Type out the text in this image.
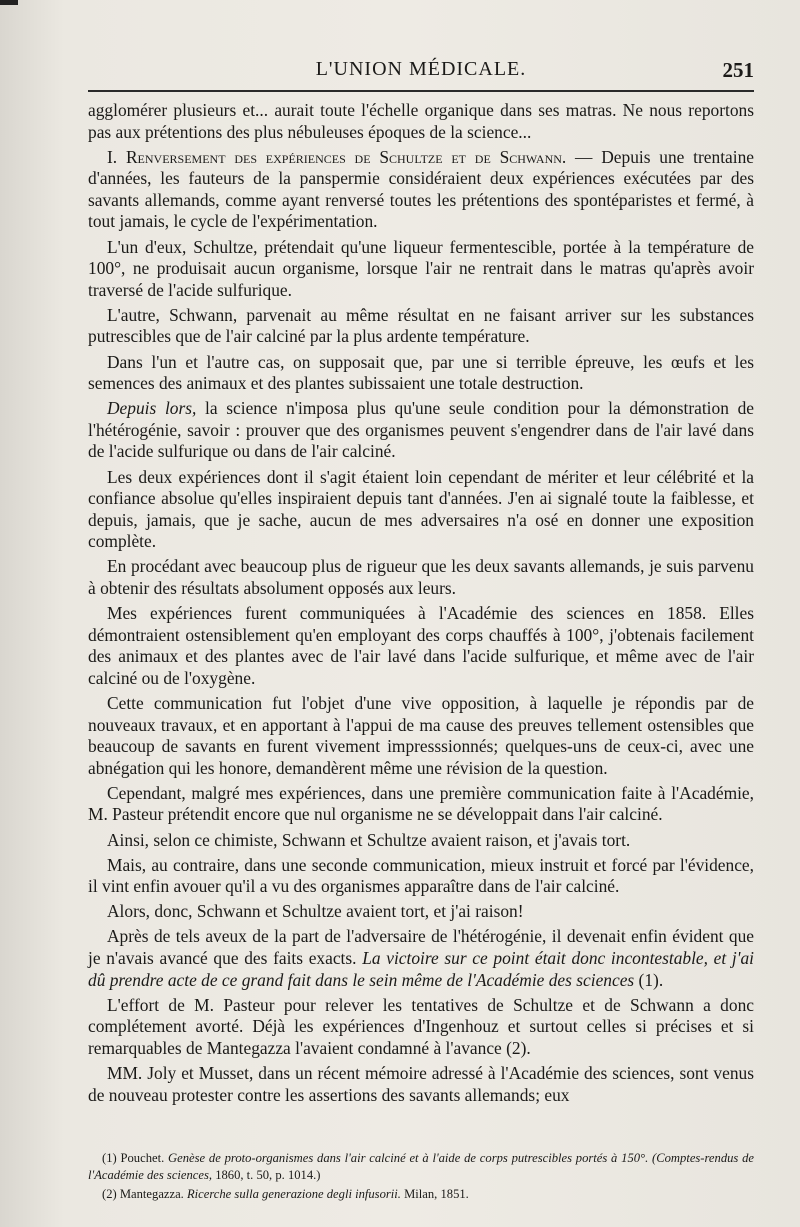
L'UNION MÉDICALE.	251

agglomérer plusieurs et... aurait toute l'échelle organique dans ses matras. Ne nous reportons pas aux prétentions des plus nébuleuses époques de la science...

I. Renversement des expériences de Schultze et de Schwann. — Depuis une trentaine d'années, les fauteurs de la panspermie considéraient deux expériences exécutées par des savants allemands, comme ayant renversé toutes les prétentions des spontéparistes et fermé, à tout jamais, le cycle de l'expérimentation.

L'un d'eux, Schultze, prétendait qu'une liqueur fermentescible, portée à la température de 100°, ne produisait aucun organisme, lorsque l'air ne rentrait dans le matras qu'après avoir traversé de l'acide sulfurique.

L'autre, Schwann, parvenait au même résultat en ne faisant arriver sur les substances putrescibles que de l'air calciné par la plus ardente température.

Dans l'un et l'autre cas, on supposait que, par une si terrible épreuve, les œufs et les semences des animaux et des plantes subissaient une totale destruction.

Depuis lors, la science n'imposa plus qu'une seule condition pour la démonstration de l'hétérogénie, savoir : prouver que des organismes peuvent s'engendrer dans de l'air lavé dans de l'acide sulfurique ou dans de l'air calciné.

Les deux expériences dont il s'agit étaient loin cependant de mériter et leur célébrité et la confiance absolue qu'elles inspiraient depuis tant d'années. J'en ai signalé toute la faiblesse, et depuis, jamais, que je sache, aucun de mes adversaires n'a osé en donner une exposition complète.

En procédant avec beaucoup plus de rigueur que les deux savants allemands, je suis parvenu à obtenir des résultats absolument opposés aux leurs.

Mes expériences furent communiquées à l'Académie des sciences en 1858. Elles démontraient ostensiblement qu'en employant des corps chauffés à 100°, j'obtenais facilement des animaux et des plantes avec de l'air lavé dans l'acide sulfurique, et même avec de l'air calciné ou de l'oxygène.

Cette communication fut l'objet d'une vive opposition, à laquelle je répondis par de nouveaux travaux, et en apportant à l'appui de ma cause des preuves tellement ostensibles que beaucoup de savants en furent vivement impresssionnés; quelques-uns de ceux-ci, avec une abnégation qui les honore, demandèrent même une révision de la question.

Cependant, malgré mes expériences, dans une première communication faite à l'Académie, M. Pasteur prétendit encore que nul organisme ne se développait dans l'air calciné.

Ainsi, selon ce chimiste, Schwann et Schultze avaient raison, et j'avais tort.

Mais, au contraire, dans une seconde communication, mieux instruit et forcé par l'évidence, il vint enfin avouer qu'il a vu des organismes apparaître dans de l'air calciné.

Alors, donc, Schwann et Schultze avaient tort, et j'ai raison!

Après de tels aveux de la part de l'adversaire de l'hétérogénie, il devenait enfin évident que je n'avais avancé que des faits exacts. La victoire sur ce point était donc incontestable, et j'ai dû prendre acte de ce grand fait dans le sein même de l'Académie des sciences (1).

L'effort de M. Pasteur pour relever les tentatives de Schultze et de Schwann a donc complétement avorté. Déjà les expériences d'Ingenhouz et surtout celles si précises et si remarquables de Mantegazza l'avaient condamné à l'avance (2).

MM. Joly et Musset, dans un récent mémoire adressé à l'Académie des sciences, sont venus de nouveau protester contre les assertions des savants allemands; eux

(1) Pouchet. Genèse de proto-organismes dans l'air calciné et à l'aide de corps putrescibles portés à 150°. (Comptes-rendus de l'Académie des sciences, 1860, t. 50, p. 1014.)

(2) Mantegazza. Ricerche sulla generazione degli infusorii. Milan, 1851.
